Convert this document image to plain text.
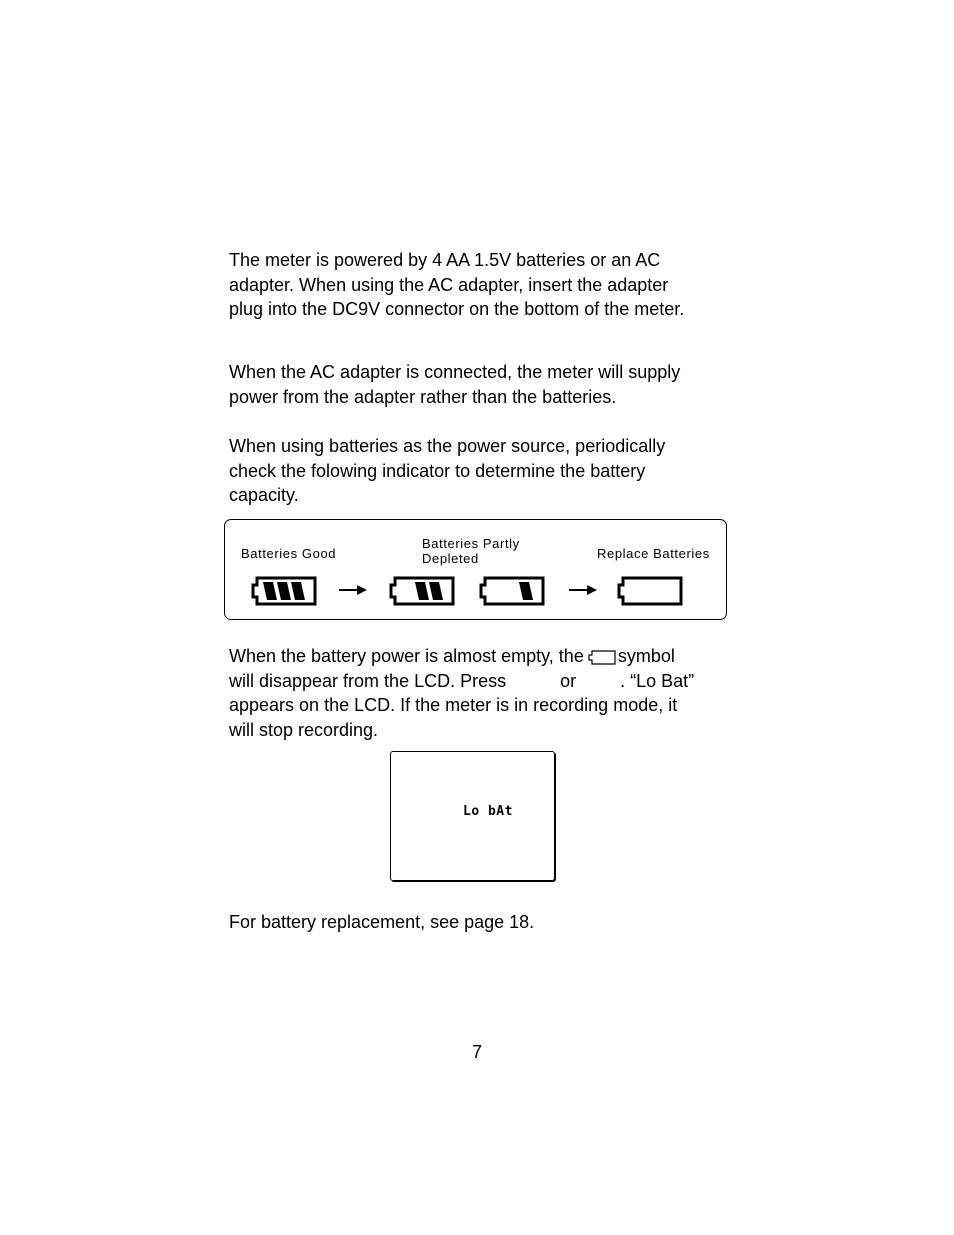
The meter is powered by 4 AA 1.5V batteries or an AC
adapter. When using the AC adapter, insert the adapter
plug into the DC9V connector on the bottom of the meter.

When the AC adapter is connected, the meter will supply
power from the adapter rather than the batteries.

When using batteries as the power source, periodically
check the folowing indicator to determine the battery
capacity.

Batteries Good
Batteries Partly
Depleted	Replace Batteries

When the battery power is almost empty, the symbol
will disappear from the LCD. Press	or . “Lo Bat”
appears on the LCD. If the meter is in recording mode, it
will stop recording.

Lo bAt

For battery replacement, see page 18.

7
